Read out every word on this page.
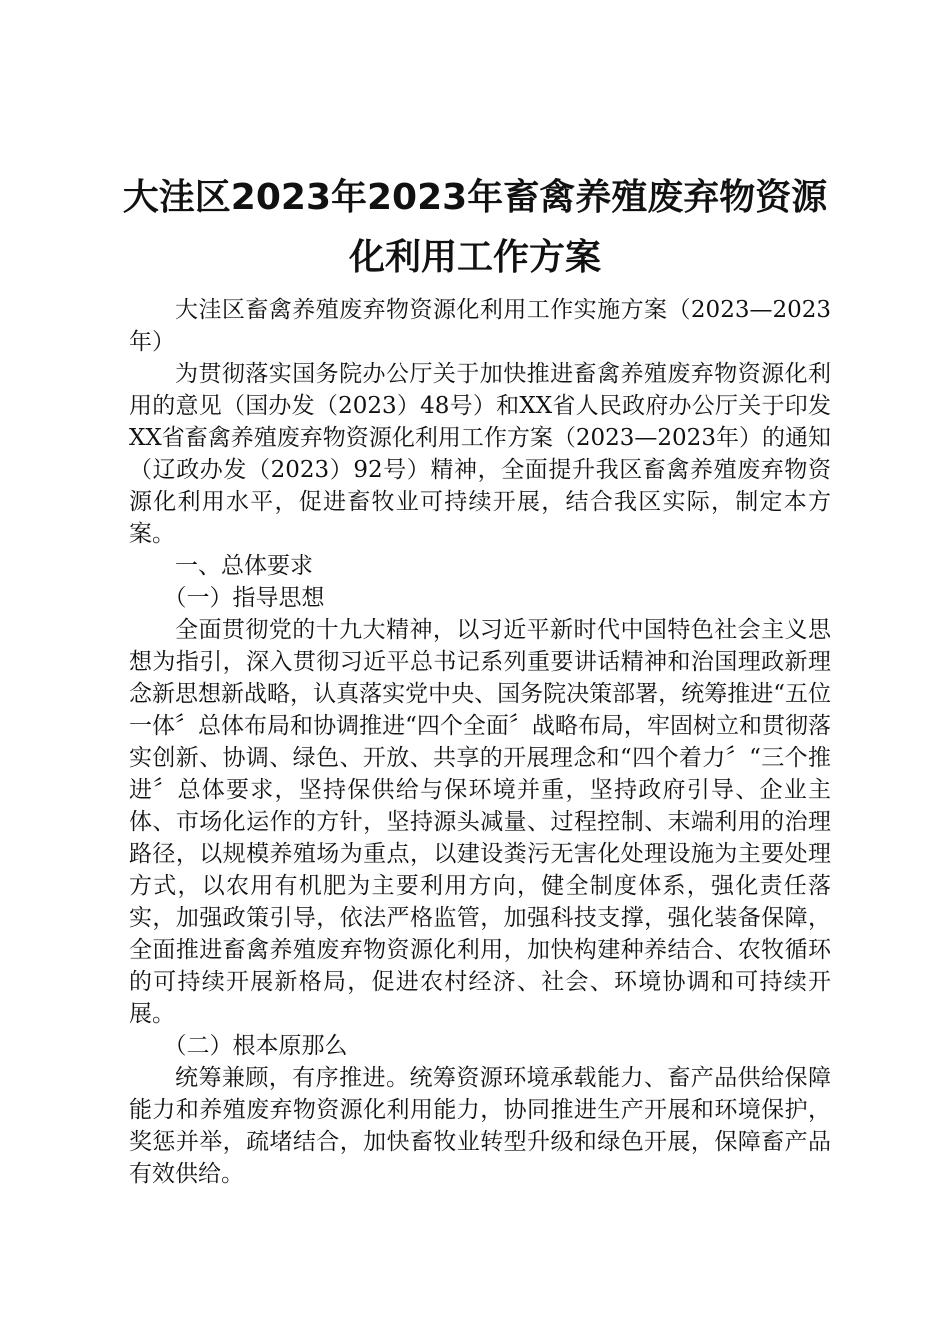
大洼区2023年2023年畜禽养殖废弃物资源化利用工作方案

大洼区畜禽养殖废弃物资源化利用工作实施方案（2023—2023年）

为贯彻落实国务院办公厅关于加快推进畜禽养殖废弃物资源化利用的意见（国办发（2023）48号）和XX省人民政府办公厅关于印发XX省畜禽养殖废弃物资源化利用工作方案（2023—2023年）的通知（辽政办发（2023）92号）精神，全面提升我区畜禽养殖废弃物资源化利用水平，促进畜牧业可持续开展，结合我区实际，制定本方案。

一、总体要求

（一）指导思想

全面贯彻党的十九大精神，以习近平新时代中国特色社会主义思想为指引，深入贯彻习近平总书记系列重要讲话精神和治国理政新理念新思想新战略，认真落实党中央、国务院决策部署，统筹推进“五位一体〞总体布局和协调推进“四个全面〞战略布局，牢固树立和贯彻落实创新、协调、绿色、开放、共享的开展理念和“四个着力〞“三个推进〞总体要求，坚持保供给与保环境并重，坚持政府引导、企业主体、市场化运作的方针，坚持源头减量、过程控制、末端利用的治理路径，以规模养殖场为重点，以建设粪污无害化处理设施为主要处理方式，以农用有机肥为主要利用方向，健全制度体系，强化责任落实，加强政策引导，依法严格监管，加强科技支撑，强化装备保障，全面推进畜禽养殖废弃物资源化利用，加快构建种养结合、农牧循环的可持续开展新格局，促进农村经济、社会、环境协调和可持续开展。

（二）根本原那么

统筹兼顾，有序推进。统筹资源环境承载能力、畜产品供给保障能力和养殖废弃物资源化利用能力，协同推进生产开展和环境保护，奖惩并举，疏堵结合，加快畜牧业转型升级和绿色开展，保障畜产品有效供给。
